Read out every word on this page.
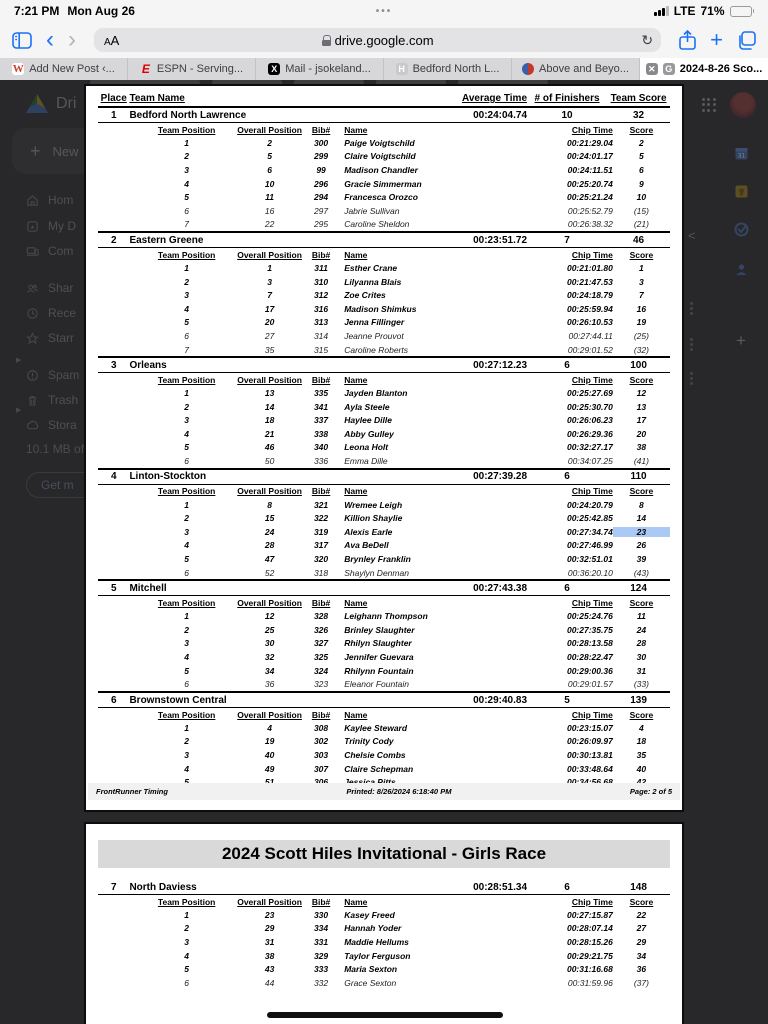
7:21 PM Mon Aug 26	•••	LTE 71%
‹ ›	AA	drive.google.com	↻	+
W Add New Post ‹... E ESPN - Serving...	X Mail - jsokeland...	H Bedford North L...	Above and Beyo... ✕ G 2024-8-26 Sco...
Dri
+ New
Hom
▶
My D
▶
Com
Shar
Rece
Starr
Spam
Trash
Stora
10.1 MB of
Get m
31
+
<
Place Team Name	Average Time # of Finishers	Team Score
1	Bedford North Lawrence	00:24:04.74	10	32
Team Position	Overall Position	Bib#	Name	Chip Time	Score
1	2	300	Paige Voigtschild	00:21:29.04	2
2	5	299	Claire Voigtschild	00:24:01.17	5
3	6	99	Madison Chandler	00:24:11.51	6
4	10	296	Gracie Simmerman	00:25:20.74	9
5	11	294	Francesca Orozco	00:25:21.24	10
6	16	297	Jabrie Sullivan	00:25:52.79	(15)
7	22	295	Caroline Sheldon	00:26:38.32	(21)
2	Eastern Greene	00:23:51.72	7	46
Team Position	Overall Position	Bib#	Name	Chip Time	Score
1	1	311	Esther Crane	00:21:01.80	1
2	3	310	Lilyanna Blais	00:21:47.53	3
3	7	312	Zoe Crites	00:24:18.79	7
4	17	316	Madison Shimkus	00:25:59.94	16
5	20	313	Jenna Fillinger	00:26:10.53	19
6	27	314	Jeanne Prouvot	00:27:44.11	(25)
7	35	315	Caroline Roberts	00:29:01.52	(32)
3	Orleans	00:27:12.23	6	100
Team Position	Overall Position	Bib#	Name	Chip Time	Score
1	13	335	Jayden Blanton	00:25:27.69	12
2	14	341	Ayla Steele	00:25:30.70	13
3	18	337	Haylee Dille	00:26:06.23	17
4	21	338	Abby Gulley	00:26:29.36	20
5	46	340	Leona Holt	00:32:27.17	38
6	50	336	Emma Dille	00:34:07.25	(41)
4	Linton-Stockton	00:27:39.28	6	110
Team Position	Overall Position	Bib#	Name	Chip Time	Score
1	8	321	Wremee Leigh	00:24:20.79	8
2	15	322	Killion Shaylie	00:25:42.85	14
3	24	319	Alexis Earle	00:27:34.74	23
4	28	317	Ava BeDell	00:27:46.99	26
5	47	320	Brynley Franklin	00:32:51.01	39
6	52	318	Shaylyn Denman	00:36:20.10	(43)
5	Mitchell	00:27:43.38	6	124
Team Position	Overall Position	Bib#	Name	Chip Time	Score
1	12	328	Leighann Thompson	00:25:24.76	11
2	25	326	Brinley Slaughter	00:27:35.75	24
3	30	327	Rhilyn Slaughter	00:28:13.58	28
4	32	325	Jennifer Guevara	00:28:22.47	30
5	34	324	Rhilynn Fountain	00:29:00.36	31
6	36	323	Eleanor Fountain	00:29:01.57	(33)
6	Brownstown Central	00:29:40.83	5	139
Team Position	Overall Position	Bib#	Name	Chip Time	Score
1	4	308	Kaylee Steward	00:23:15.07	4
2	19	302	Trinity Cody	00:26:09.97	18
3	40	303	Chelsie Combs	00:30:13.81	35
4	49	307	Claire Schepman	00:33:48.64	40
FrontRunner Timing	Printed: 8/26/2024 6:18:40 PM	Page: 2 of 5
2024 Scott Hiles Invitational - Girls Race
7	North Daviess	00:28:51.34	6	148
Team Position	Overall Position	Bib#	Name	Chip Time	Score
1	23	330	Kasey Freed	00:27:15.87	22
2	29	334	Hannah Yoder	00:28:07.14	27
3	31	331	Maddie Hellums	00:28:15.26	29
4	38	329	Taylor Ferguson	00:29:21.75	34
5	43	333	Maria Sexton	00:31:16.68	36
6	44	332	Grace Sexton	00:31:59.96	(37)
